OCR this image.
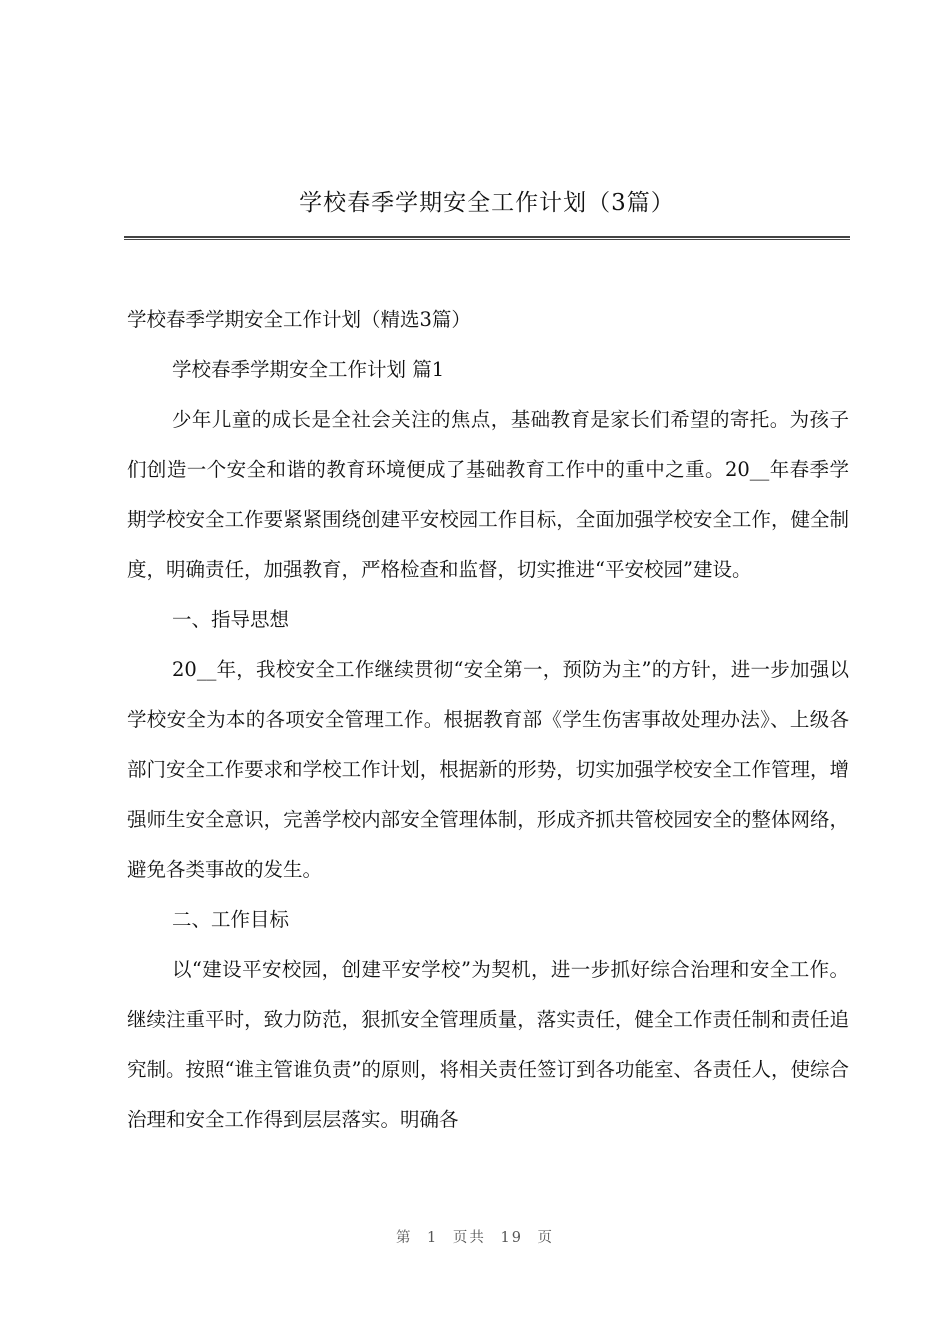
学校春季学期安全工作计划（3篇）

学校春季学期安全工作计划（精选3篇）

学校春季学期安全工作计划 篇1

少年儿童的成长是全社会关注的焦点，基础教育是家长们希望的寄托。为孩子们创造一个安全和谐的教育环境便成了基础教育工作中的重中之重。20__年春季学期学校安全工作要紧紧围绕创建平安校园工作目标，全面加强学校安全工作，健全制度，明确责任，加强教育，严格检查和监督，切实推进“平安校园”建设。

一、指导思想

20__年，我校安全工作继续贯彻“安全第一，预防为主”的方针，进一步加强以学校安全为本的各项安全管理工作。根据教育部《学生伤害事故处理办法》、上级各部门安全工作要求和学校工作计划，根据新的形势，切实加强学校安全工作管理，增强师生安全意识，完善学校内部安全管理体制，形成齐抓共管校园安全的整体网络，避免各类事故的发生。

二、工作目标

以“建设平安校园，创建平安学校”为契机，进一步抓好综合治理和安全工作。继续注重平时，致力防范，狠抓安全管理质量，落实责任，健全工作责任制和责任追究制。按照“谁主管谁负责”的原则，将相关责任签订到各功能室、各责任人，使综合治理和安全工作得到层层落实。明确各

第 1 页共 19 页
